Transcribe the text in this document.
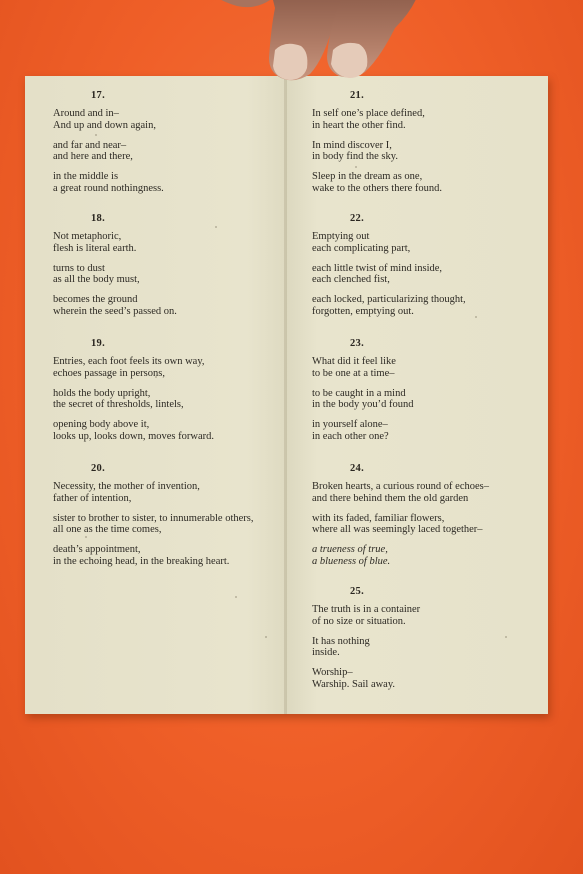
17.
Around and in–
And up and down again,
and far and near–
and here and there,
in the middle is
a great round nothingness.
18.
Not metaphoric,
flesh is literal earth.
turns to dust
as all the body must,
becomes the ground
wherein the seed’s passed on.
19.
Entries, each foot feels its own way,
echoes passage in persons,
holds the body upright,
the secret of thresholds, lintels,
opening body above it,
looks up, looks down, moves forward.
20.
Necessity, the mother of invention,
father of intention,
sister to brother to sister, to innumerable others,
all one as the time comes,
death’s appointment,
in the echoing head, in the breaking heart.
21.
In self one’s place defined,
in heart the other find.
In mind discover I,
in body find the sky.
Sleep in the dream as one,
wake to the others there found.
22.
Emptying out
each complicating part,
each little twist of mind inside,
each clenched fist,
each locked, particularizing thought,
forgotten, emptying out.
23.
What did it feel like
to be one at a time–
to be caught in a mind
in the body you’d found
in yourself alone–
in each other one?
24.
Broken hearts, a curious round of echoes–
and there behind them the old garden
with its faded, familiar flowers,
where all was seemingly laced together–
a trueness of true,
a blueness of blue.
25.
The truth is in a container
of no size or situation.
It has nothing
inside.
Worship–
Warship. Sail away.
